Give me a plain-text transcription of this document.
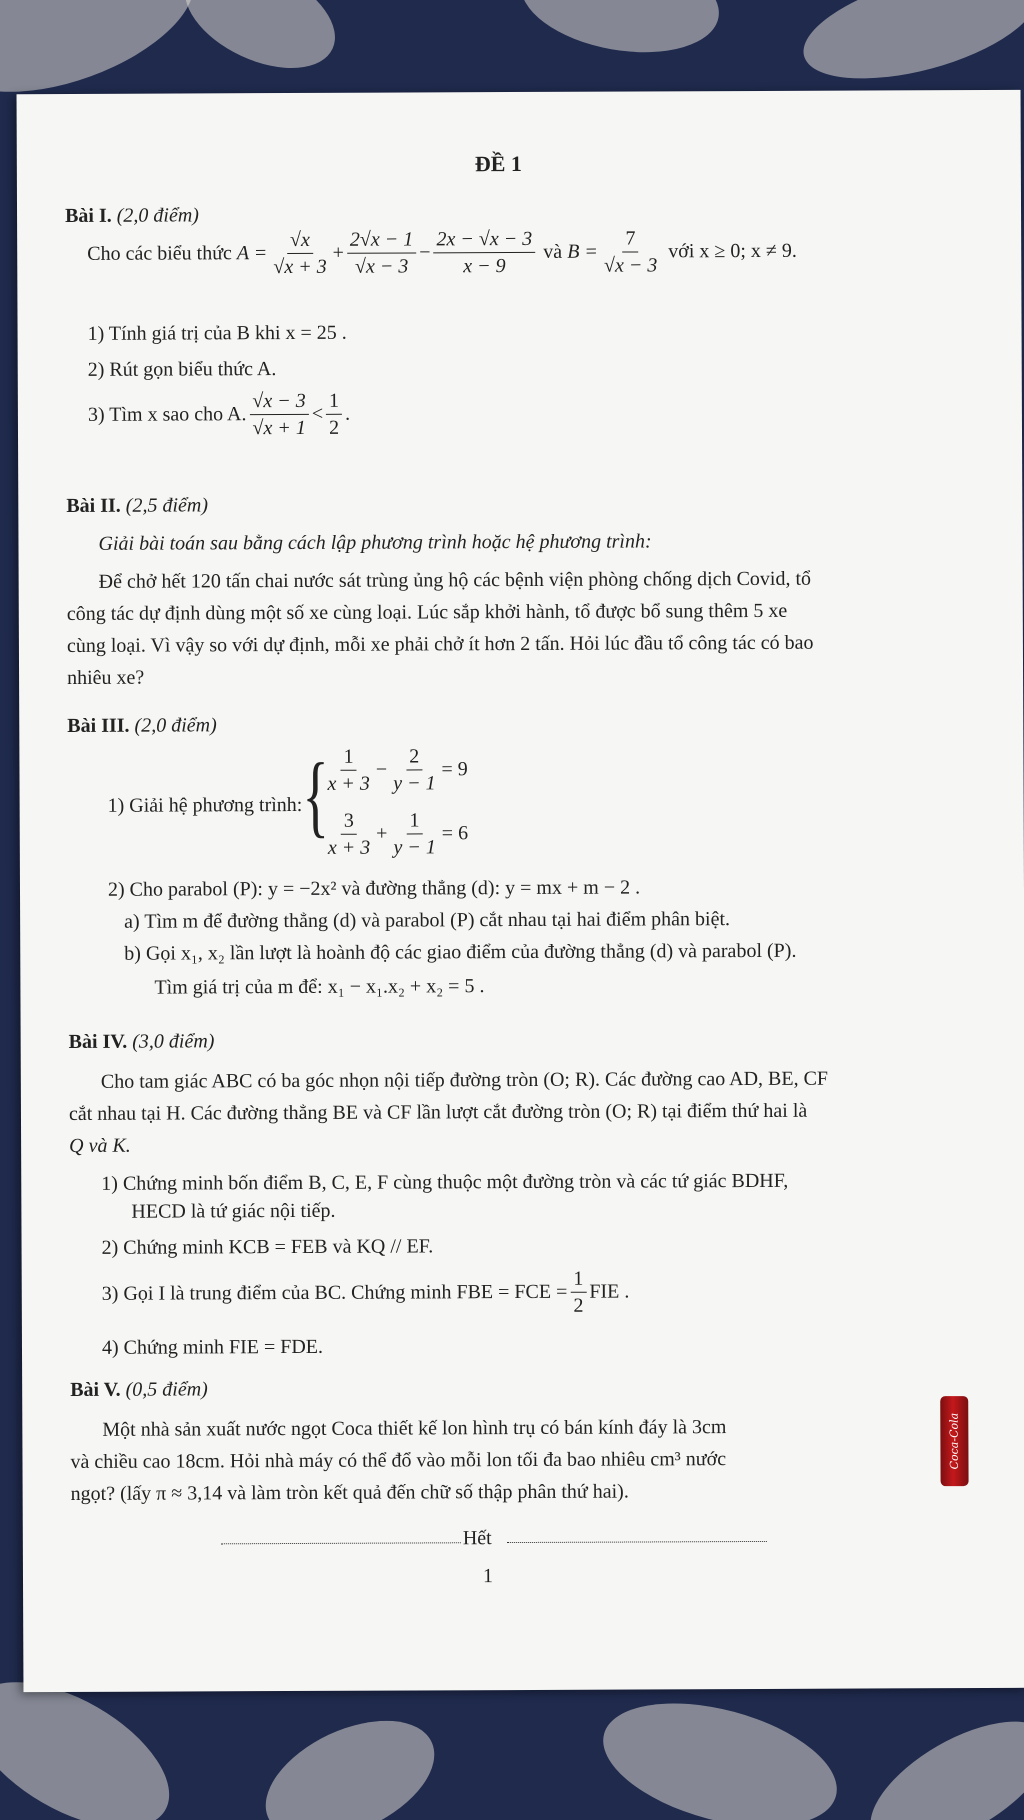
ĐỀ 1
Bài I. (2,0 điểm)
Cho các biểu thức
$A = \frac{√x}{√x + 3} + \frac{2√x - 1}{√x - 3} - \frac{2x - √x - 3}{x - 9}$
và
$B = \frac{7}{√x - 3}$
với x ≥ 0; x ≠ 9.
1) Tính giá trị của B khi x = 25 .
2) Rút gọn biểu thức A.
3) Tìm x sao cho A. $\frac{√x - 3}{√x + 1} < \frac{1}{2}$ .
Bài II. (2,5 điểm)
Giải bài toán sau bằng cách lập phương trình hoặc hệ phương trình:
Để chở hết 120 tấn chai nước sát trùng ủng hộ các bệnh viện phòng chống dịch Covid, tổ
công tác dự định dùng một số xe cùng loại. Lúc sắp khởi hành, tổ được bổ sung thêm 5 xe
cùng loại. Vì vậy so với dự định, mỗi xe phải chở ít hơn 2 tấn. Hỏi lúc đầu tổ công tác có bao
nhiêu xe?
Bài III. (2,0 điểm)
1) Giải hệ phương trình: {
$\frac{1}{x + 3} - \frac{2}{y - 1} = 9$
$\frac{3}{x + 3} + \frac{1}{y - 1} = 6$
2) Cho parabol (P): y = −2x² và đường thẳng (d): y = mx + m − 2 .
a) Tìm m để đường thẳng (d) và parabol (P) cắt nhau tại hai điểm phân biệt.
b) Gọi x₁, x₂ lần lượt là hoành độ các giao điểm của đường thẳng (d) và parabol (P).
Tìm giá trị của m để: x₁ − x₁.x₂ + x₂ = 5 .
Bài IV. (3,0 điểm)
Cho tam giác ABC có ba góc nhọn nội tiếp đường tròn (O; R). Các đường cao AD, BE, CF
cắt nhau tại H. Các đường thẳng BE và CF lần lượt cắt đường tròn (O; R) tại điểm thứ hai là
Q và K.
1) Chứng minh bốn điểm B, C, E, F cùng thuộc một đường tròn và các tứ giác BDHF,
HECD là tứ giác nội tiếp.
2) Chứng minh KCB = FEB và KQ // EF.
3) Gọi I là trung điểm của BC. Chứng minh FBE = FCE = $\frac{1}{2}$ FIE .
4) Chứng minh FIE = FDE.
Bài V. (0,5 điểm)
Một nhà sản xuất nước ngọt Coca thiết kế lon hình trụ có bán kính đáy là 3cm
và chiều cao 18cm. Hỏi nhà máy có thể đổ vào mỗi lon tối đa bao nhiêu cm³ nước
ngọt? (lấy π ≈ 3,14 và làm tròn kết quả đến chữ số thập phân thứ hai).
Coca-Cola
Hết
1
